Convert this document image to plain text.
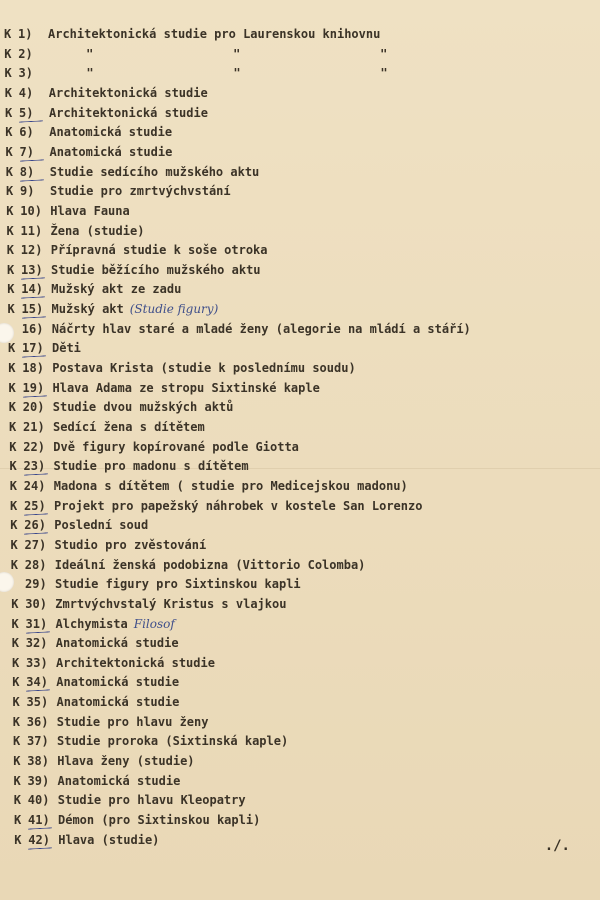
K 1) Architektonická studie pro Laurenskou knihovnu
K 2)	"	"	"
K 3)	"	"	"
K 4) Architektonická studie
K 5) Architektonická studie
K 6) Anatomická studie
K 7) Anatomická studie
K 8) Studie sedícího mužského aktu
K 9) Studie pro zmrtvýchvstání
K 10) Hlava Fauna
K 11) Žena (studie)
K 12) Přípravná studie k soše otroka
K 13) Studie běžícího mužského aktu
K 14) Mužský akt ze zadu
K 15) Mužský akt (Studie figury)
16) Náčrty hlav staré a mladé ženy (alegorie na mládí a stáří)
K 17) Děti
K 18) Postava Krista (studie k poslednímu soudu)
K 19) Hlava Adama ze stropu Sixtinské kaple
K 20) Studie dvou mužských aktů
K 21) Sedící žena s dítětem
K 22) Dvě figury kopírované podle Giotta
K 23) Studie pro madonu s dítětem
K 24) Madona s dítětem ( studie pro Medicejskou madonu)
K 25) Projekt pro papežský náhrobek v kostele San Lorenzo
K 26) Poslední soud
K 27) Studio pro zvěstování
K 28) Ideální ženská podobizna (Vittorio Colomba)
29) Studie figury pro Sixtinskou kapli
K 30) Zmrtvýchvstalý Kristus s vlajkou
K 31) Alchymista Filosof
K 32) Anatomická studie
K 33) Architektonická studie
K 34) Anatomická studie
K 35) Anatomická studie
K 36) Studie pro hlavu ženy
K 37) Studie proroka (Sixtinská kaple)
K 38) Hlava ženy (studie)
K 39) Anatomická studie
K 40) Studie pro hlavu Kleopatry
K 41) Démon (pro Sixtinskou kapli)
K 42) Hlava (studie)	./.
